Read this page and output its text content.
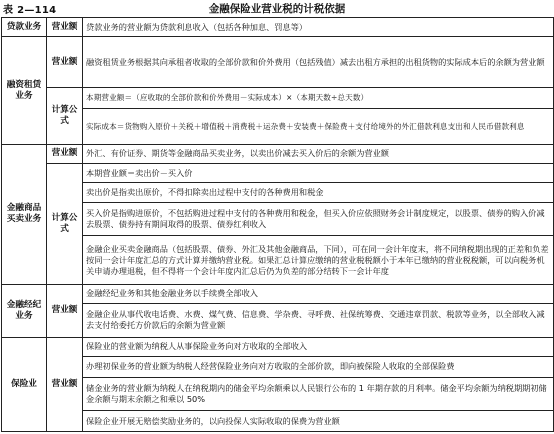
金融保险业营业税的计税依据
表 2—114
贷款业务	营业额	贷款业务的营业额为贷款利息收入（包括各种加息、罚息等）
融资租赁业务	营业额	融资租赁业务根据其向承租者收取的全部价款和价外费用（包括残值）减去出租方承担的出租货物的实际成本后的余额为营业额
	计算公式	本期营业额＝（应收取的全部价款和价外费用－实际成本）×（本期天数÷总天数）
		实际成本＝货物购入原价＋关税＋增值税＋消费税＋运杂费＋安装费＋保险费＋支付给境外的外汇借款利息支出和人民币借款利息
金融商品买卖业务	营业额	外汇、有价证券、期货等金融商品买卖业务，以卖出价减去买入价后的余额为营业额
	计算公式	本期营业额＝卖出价－买入价
		卖出价是指卖出原价，不得扣除卖出过程中支付的各种费用和税金
		买入价是指购进原价，不包括购进过程中支付的各种费用和税金，但买入价应依照财务会计制度规定，以股票、债券的购入价减去股票、债券持有期间取得的股票、债券红利收入
		金融企业买卖金融商品（包括股票、债券、外汇及其他金融商品，下同），可在同一会计年度末，将不同纳税期出现的正差和负差按同一会计年度汇总的方式计算并缴纳营业税。如果汇总计算应缴纳的营业税税额小于本年已缴纳的营业税税额，可以向税务机关申请办理退税，但不得将一个会计年度内汇总后仍为负差的部分结转下一会计年度
金融经纪业务	营业额	金融经纪业务和其他金融业务以手续费全部收入
		金融企业从事代收电话费、水费、煤气费、信息费、学杂费、寻呼费、社保统筹费、交通违章罚款、税款等业务，以全部收入减去支付给委托方价款后的余额为营业额
保险业	营业额	保险业的营业额为纳税人从事保险业务向对方收取的全部收入
		办理初保业务的营业额为纳税人经营保险业务向对方收取的全部价款，即向被保险人收取的全部保险费
		储金业务的营业额为纳税人在纳税期内的储金平均余额乘以人民银行公布的 1 年期存款的月利率。储金平均余额为纳税期期初储金余额与期末余额之和乘以 50%
		保险企业开展无赔偿奖励业务的，以向投保人实际收取的保费为营业额
